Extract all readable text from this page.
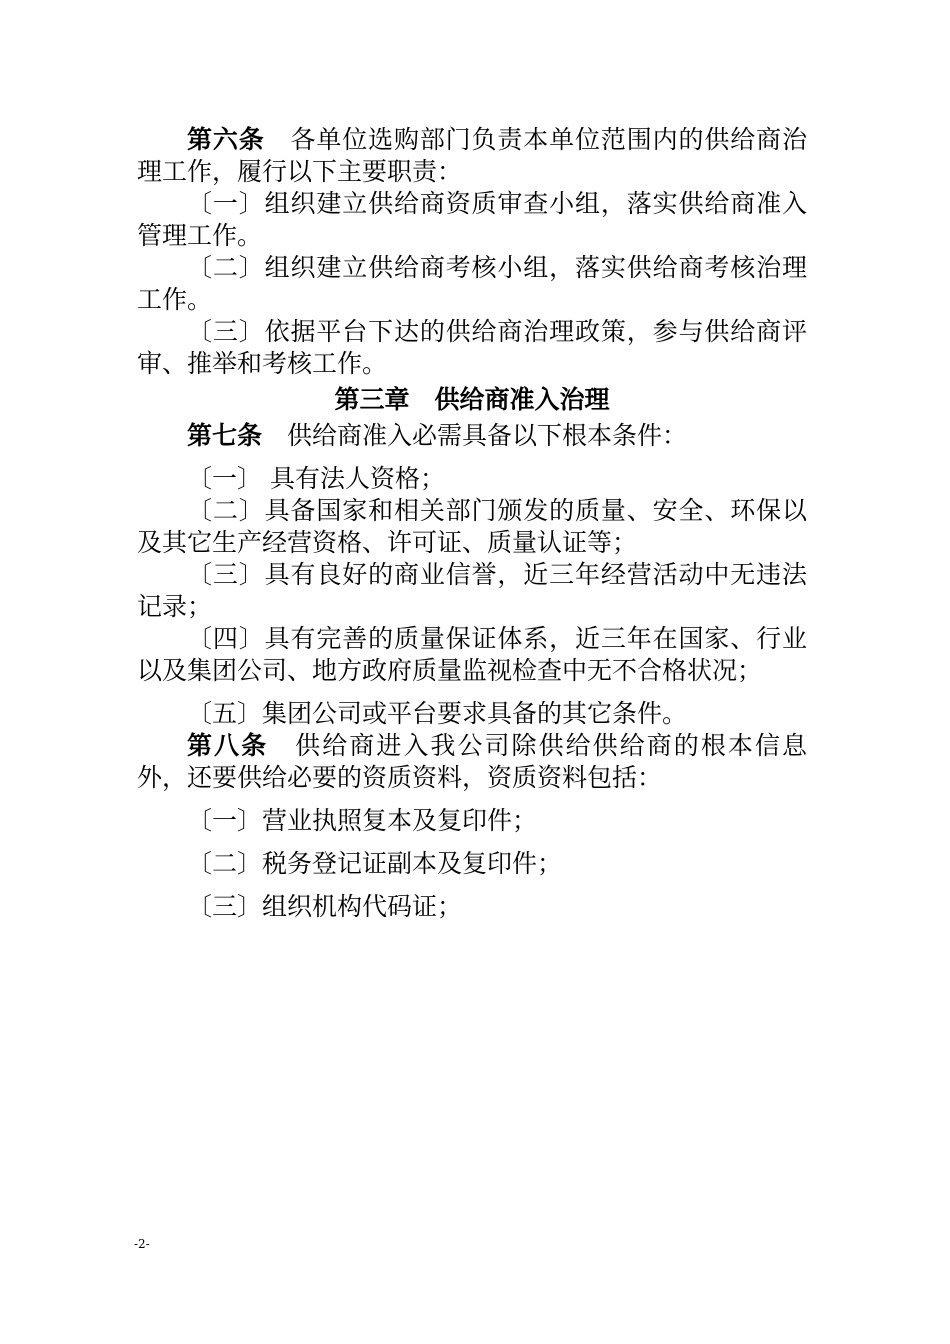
第六条 各单位选购部门负责本单位范围内的供给商治理工作，履行以下主要职责：

〔一〕组织建立供给商资质审查小组，落实供给商准入管理工作。

〔二〕组织建立供给商考核小组，落实供给商考核治理工作。

〔三〕依据平台下达的供给商治理政策，参与供给商评审、推举和考核工作。

第三章 供给商准入治理

第七条 供给商准入必需具备以下根本条件：

〔一〕 具有法人资格；

〔二〕具备国家和相关部门颁发的质量、安全、环保以及其它生产经营资格、许可证、质量认证等；

〔三〕具有良好的商业信誉，近三年经营活动中无违法记录；

〔四〕具有完善的质量保证体系，近三年在国家、行业以及集团公司、地方政府质量监视检查中无不合格状况；

〔五〕集团公司或平台要求具备的其它条件。

第八条 供给商进入我公司除供给供给商的根本信息外，还要供给必要的资质资料，资质资料包括：

〔一〕营业执照复本及复印件；

〔二〕税务登记证副本及复印件；

〔三〕组织机构代码证；

-2-
